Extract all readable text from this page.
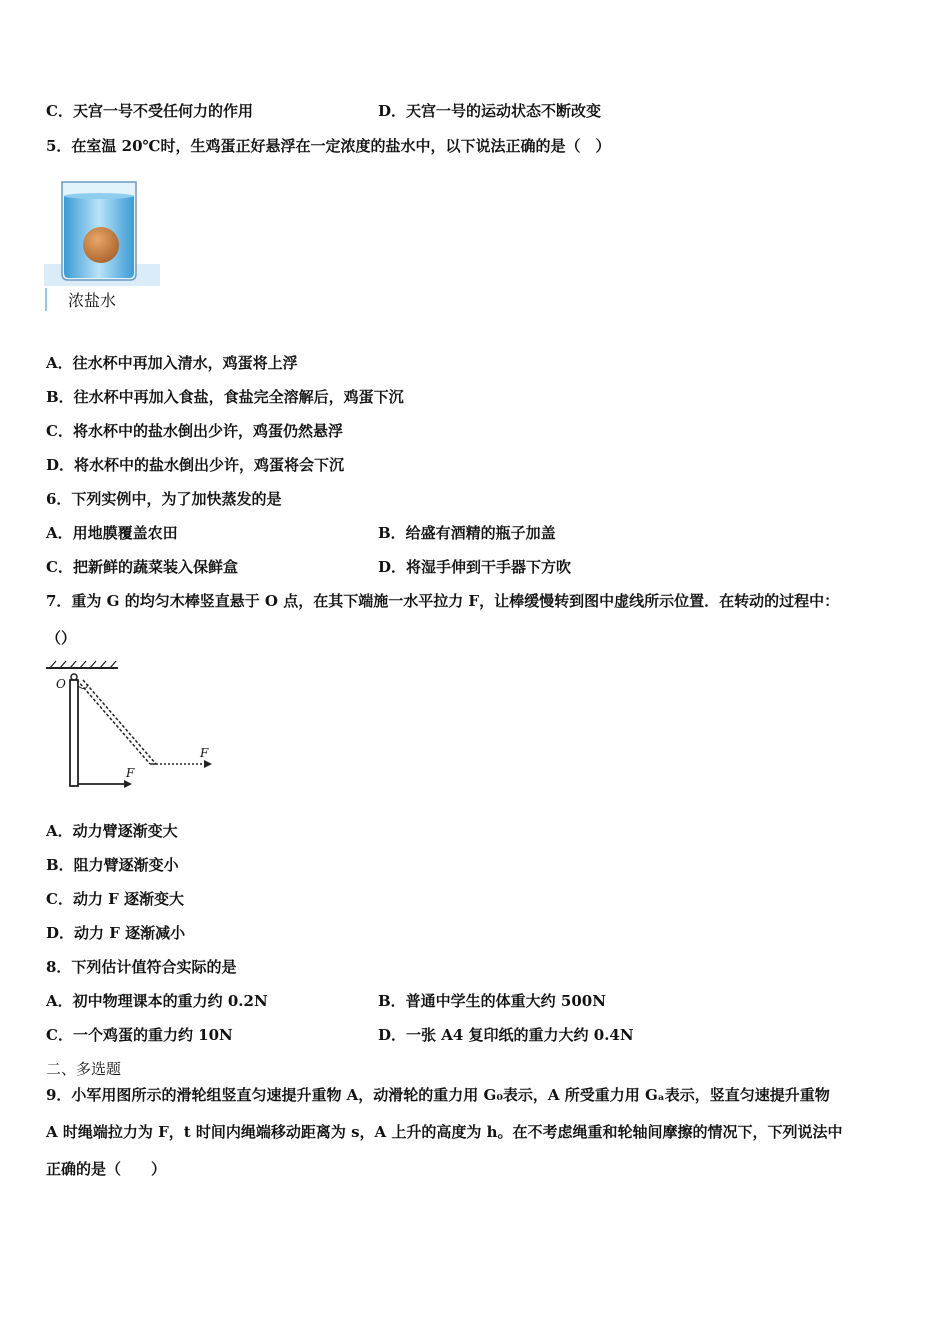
C．天宫一号不受任何力的作用	D．天宫一号的运动状态不断改变
5．在室温 20℃时，生鸡蛋正好悬浮在一定浓度的盐水中，以下说法正确的是（　）
浓盐水
A．往水杯中再加入清水，鸡蛋将上浮
B．往水杯中再加入食盐，食盐完全溶解后，鸡蛋下沉
C．将水杯中的盐水倒出少许，鸡蛋仍然悬浮
D．将水杯中的盐水倒出少许，鸡蛋将会下沉
6．下列实例中，为了加快蒸发的是
A．用地膜覆盖农田	B．给盛有酒精的瓶子加盖
C．把新鲜的蔬菜装入保鲜盒	D．将湿手伸到干手器下方吹
7．重为 G 的均匀木棒竖直悬于 O 点，在其下端施一水平拉力 F，让棒缓慢转到图中虚线所示位置．在转动的过程中：
（）
O
F
F
A．动力臂逐渐变大
B．阻力臂逐渐变小
C．动力 F 逐渐变大
D．动力 F 逐渐减小
8．下列估计值符合实际的是
A．初中物理课本的重力约 0.2N	B．普通中学生的体重大约 500N
C．一个鸡蛋的重力约 10N	D．一张 A4 复印纸的重力大约 0.4N
二、多选题
9．小军用图所示的滑轮组竖直匀速提升重物 A，动滑轮的重力用 G₀表示，A 所受重力用 Gₐ表示，竖直匀速提升重物
A 时绳端拉力为 F，t 时间内绳端移动距离为 s，A 上升的高度为 h。在不考虑绳重和轮轴间摩擦的情况下，下列说法中
正确的是（　　）
